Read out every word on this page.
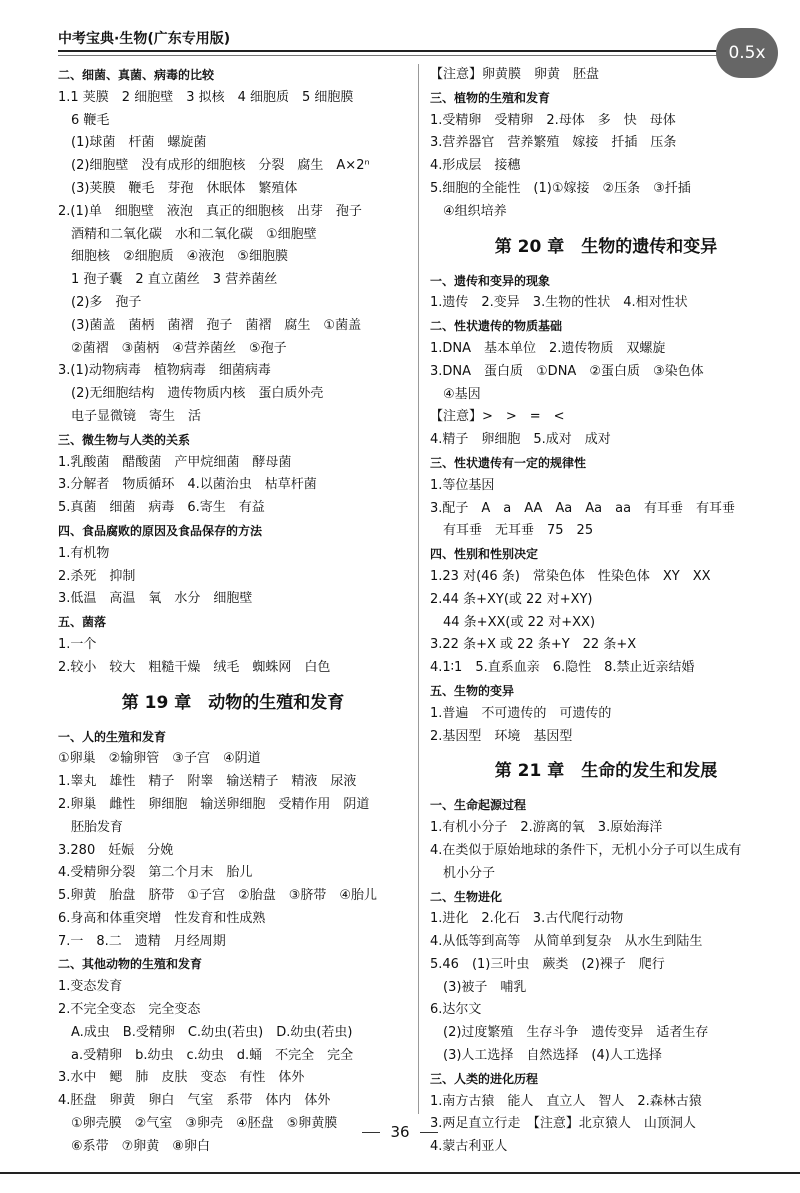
中考宝典·生物(广东专用版)
0.5x
二、细菌、真菌、病毒的比较
1.1 荚膜　2 细胞壁　3 拟核　4 细胞质　5 细胞膜
6 鞭毛
(1)球菌　杆菌　螺旋菌
(2)细胞壁　没有成形的细胞核　分裂　腐生　A×2ⁿ
(3)荚膜　鞭毛　芽孢　休眠体　繁殖体
2.(1)单　细胞壁　液泡　真正的细胞核　出芽　孢子
酒精和二氧化碳　水和二氧化碳　①细胞壁
细胞核　②细胞质　④液泡　⑤细胞膜
1 孢子囊　2 直立菌丝　3 营养菌丝
(2)多　孢子
(3)菌盖　菌柄　菌褶　孢子　菌褶　腐生　①菌盖
②菌褶　③菌柄　④营养菌丝　⑤孢子
3.(1)动物病毒　植物病毒　细菌病毒
(2)无细胞结构　遗传物质内核　蛋白质外壳
电子显微镜　寄生　活
三、微生物与人类的关系
1.乳酸菌　醋酸菌　产甲烷细菌　酵母菌
3.分解者　物质循环　4.以菌治虫　枯草杆菌
5.真菌　细菌　病毒　6.寄生　有益
四、食品腐败的原因及食品保存的方法
1.有机物
2.杀死　抑制
3.低温　高温　氧　水分　细胞壁
五、菌落
1.一个
2.较小　较大　粗糙干燥　绒毛　蜘蛛网　白色
第 19 章　动物的生殖和发育
一、人的生殖和发育
①卵巢　②输卵管　③子宫　④阴道
1.睾丸　雄性　精子　附睾　输送精子　精液　尿液
2.卵巢　雌性　卵细胞　输送卵细胞　受精作用　阴道
胚胎发育
3.280　妊娠　分娩
4.受精卵分裂　第二个月末　胎儿
5.卵黄　胎盘　脐带　①子宫　②胎盘　③脐带　④胎儿
6.身高和体重突增　性发育和性成熟
7.一　8.二　遗精　月经周期
二、其他动物的生殖和发育
1.变态发育
2.不完全变态　完全变态
A.成虫　B.受精卵　C.幼虫(若虫)　D.幼虫(若虫)
a.受精卵　b.幼虫　c.幼虫　d.蛹　不完全　完全
3.水中　鳃　肺　皮肤　变态　有性　体外
4.胚盘　卵黄　卵白　气室　系带　体内　体外
①卵壳膜　②气室　③卵壳　④胚盘　⑤卵黄膜
⑥系带　⑦卵黄　⑧卵白
【注意】卵黄膜　卵黄　胚盘
三、植物的生殖和发育
1.受精卵　受精卵　2.母体　多　快　母体
3.营养器官　营养繁殖　嫁接　扦插　压条
4.形成层　接穗
5.细胞的全能性　(1)①嫁接　②压条　③扦插
④组织培养
第 20 章　生物的遗传和变异
一、遗传和变异的现象
1.遗传　2.变异　3.生物的性状　4.相对性状
二、性状遗传的物质基础
1.DNA　基本单位　2.遗传物质　双螺旋
3.DNA　蛋白质　①DNA　②蛋白质　③染色体
④基因
【注意】>　>　=　<
4.精子　卵细胞　5.成对　成对
三、性状遗传有一定的规律性
1.等位基因
3.配子　A　a　AA　Aa　Aa　aa　有耳垂　有耳垂
有耳垂　无耳垂　75　25
四、性别和性别决定
1.23 对(46 条)　常染色体　性染色体　XY　XX
2.44 条+XY(或 22 对+XY)
44 条+XX(或 22 对+XX)
3.22 条+X 或 22 条+Y　22 条+X
4.1∶1　5.直系血亲　6.隐性　8.禁止近亲结婚
五、生物的变异
1.普遍　不可遗传的　可遗传的
2.基因型　环境　基因型
第 21 章　生命的发生和发展
一、生命起源过程
1.有机小分子　2.游离的氧　3.原始海洋
4.在类似于原始地球的条件下，无机小分子可以生成有
机小分子
二、生物进化
1.进化　2.化石　3.古代爬行动物
4.从低等到高等　从简单到复杂　从水生到陆生
5.46　(1)三叶虫　蕨类　(2)裸子　爬行
(3)被子　哺乳
6.达尔文
(2)过度繁殖　生存斗争　遗传变异　适者生存
(3)人工选择　自然选择　(4)人工选择
三、人类的进化历程
1.南方古猿　能人　直立人　智人　2.森林古猿
3.两足直立行走　【注意】北京猿人　山顶洞人
4.蒙古利亚人
36
